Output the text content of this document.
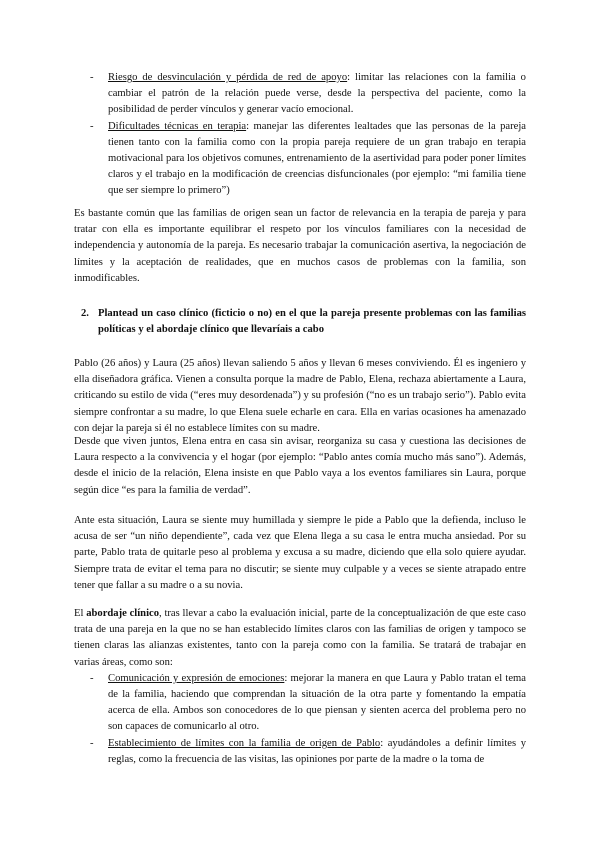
- Riesgo de desvinculación y pérdida de red de apoyo: limitar las relaciones con la familia o cambiar el patrón de la relación puede verse, desde la perspectiva del paciente, como la posibilidad de perder vínculos y generar vacío emocional.
- Dificultades técnicas en terapia: manejar las diferentes lealtades que las personas de la pareja tienen tanto con la familia como con la propia pareja requiere de un gran trabajo en terapia motivacional para los objetivos comunes, entrenamiento de la asertividad para poder poner límites claros y el trabajo en la modificación de creencias disfuncionales (por ejemplo: “mi familia tiene que ser siempre lo primero”)

Es bastante común que las familias de origen sean un factor de relevancia en la terapia de pareja y para tratar con ella es importante equilibrar el respeto por los vínculos familiares con la necesidad de independencia y autonomía de la pareja. Es necesario trabajar la comunicación asertiva, la negociación de límites y la aceptación de realidades, que en muchos casos de problemas con la familia, son inmodificables.

2. Plantead un caso clínico (ficticio o no) en el que la pareja presente problemas con las familias políticas y el abordaje clínico que llevaríais a cabo

Pablo (26 años) y Laura (25 años) llevan saliendo 5 años y llevan 6 meses conviviendo. Él es ingeniero y ella diseñadora gráfica. Vienen a consulta porque la madre de Pablo, Elena, rechaza abiertamente a Laura, criticando su estilo de vida (“eres muy desordenada”) y su profesión (“no es un trabajo serio”). Pablo evita siempre confrontar a su madre, lo que Elena suele echarle en cara. Ella en varias ocasiones ha amenazado con dejar la pareja si él no establece límites con su madre.

Desde que viven juntos, Elena entra en casa sin avisar, reorganiza su casa y cuestiona las decisiones de Laura respecto a la convivencia y el hogar (por ejemplo: “Pablo antes comía mucho más sano”). Además, desde el inicio de la relación, Elena insiste en que Pablo vaya a los eventos familiares sin Laura, porque según dice “es para la familia de verdad”.

Ante esta situación, Laura se siente muy humillada y siempre le pide a Pablo que la defienda, incluso le acusa de ser “un niño dependiente”, cada vez que Elena llega a su casa le entra mucha ansiedad. Por su parte, Pablo trata de quitarle peso al problema y excusa a su madre, diciendo que ella solo quiere ayudar. Siempre trata de evitar el tema para no discutir; se siente muy culpable y a veces se siente atrapado entre tener que fallar a su madre o a su novia.

El abordaje clínico, tras llevar a cabo la evaluación inicial, parte de la conceptualización de que este caso trata de una pareja en la que no se han establecido límites claros con las familias de origen y tampoco se tienen claras las alianzas existentes, tanto con la pareja como con la familia. Se tratará de trabajar en varias áreas, como son:

- Comunicación y expresión de emociones: mejorar la manera en que Laura y Pablo tratan el tema de la familia, haciendo que comprendan la situación de la otra parte y fomentando la empatía acerca de ella. Ambos son conocedores de lo que piensan y sienten acerca del problema pero no son capaces de comunicarlo al otro.
- Establecimiento de límites con la familia de origen de Pablo: ayudándoles a definir límites y reglas, como la frecuencia de las visitas, las opiniones por parte de la madre o la toma de
